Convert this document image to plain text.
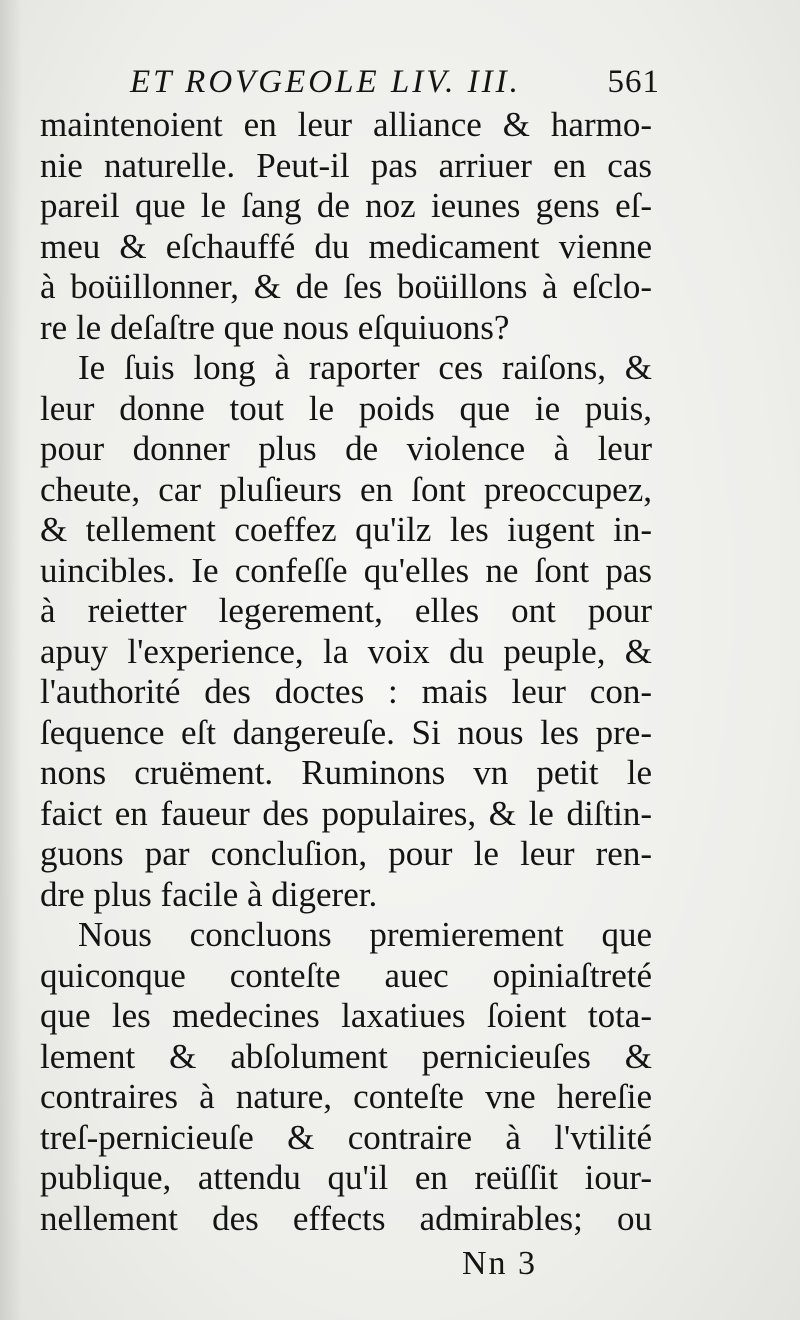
ET ROVGEOLE LIV. III.	561
maintenoient en leur alliance & harmo-
nie naturelle. Peut-il pas arriuer en cas
pareil que le ſang de noz ieunes gens eſ-
meu & eſchauffé du medicament vienne
à boüillonner, & de ſes boüillons à eſclo-
re le deſaſtre que nous eſquiuons?
Ie ſuis long à raporter ces raiſons, &
leur donne tout le poids que ie puis,
pour donner plus de violence à leur
cheute, car pluſieurs en ſont preoccupez,
& tellement coeffez qu'ilz les iugent in-
uincibles. Ie confeſſe qu'elles ne ſont pas
à reietter legerement, elles ont pour
apuy l'experience, la voix du peuple, &
l'authorité des doctes : mais leur con-
ſequence eſt dangereuſe. Si nous les pre-
nons cruëment. Ruminons vn petit le
faict en faueur des populaires, & le diſtin-
guons par concluſion, pour le leur ren-
dre plus facile à digerer.
Nous concluons premierement que
quiconque conteſte auec opiniaſtreté
que les medecines laxatiues ſoient tota-
lement & abſolument pernicieuſes &
contraires à nature, conteſte vne hereſie
treſ-pernicieuſe & contraire à l'vtilité
publique, attendu qu'il en reüſſit iour-
nellement des effects admirables; ou
Nn 3
